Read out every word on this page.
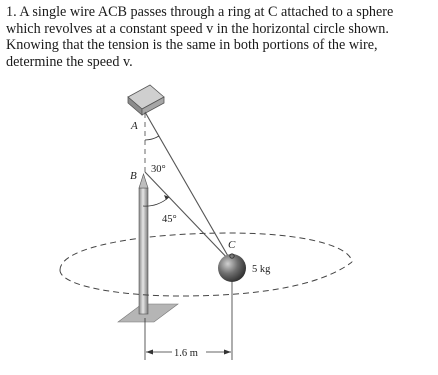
1. A single wire ACB passes through a ring at C attached to a sphere

which revolves at a constant speed v in the horizontal circle shown.

Knowing that the tension is the same in both portions of the wire,

determine the speed v.

A
B
C
30°
45°
5 kg
1.6 m
